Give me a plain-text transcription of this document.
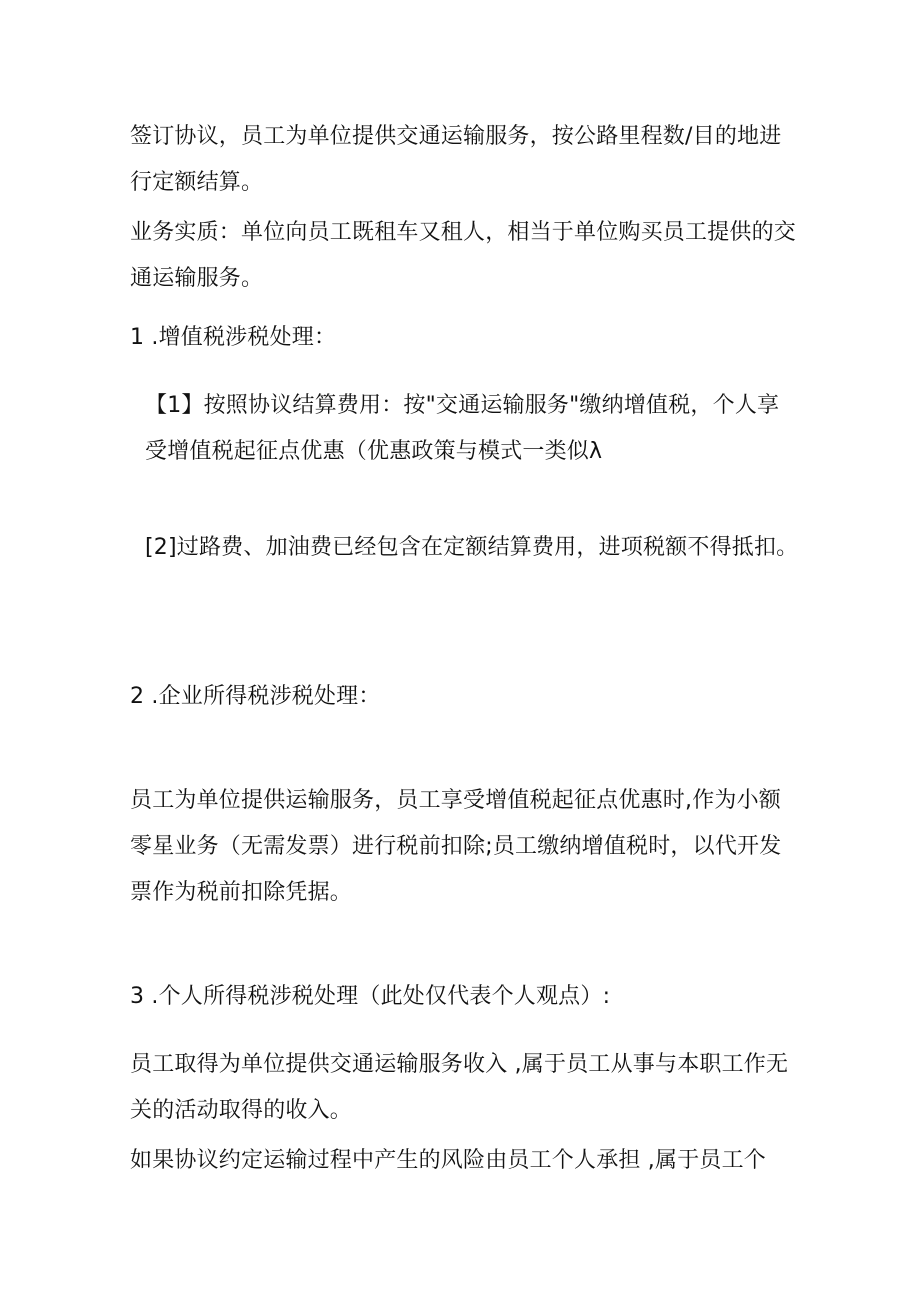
签订协议，员工为单位提供交通运输服务，按公路里程数/目的地进行定额结算。

业务实质：单位向员工既租车又租人，相当于单位购买员工提供的交通运输服务。

1 .增值税涉税处理：

【1】按照协议结算费用：按"交通运输服务"缴纳增值税，个人享受增值税起征点优惠（优惠政策与模式一类似λ

[2]过路费、加油费已经包含在定额结算费用，进项税额不得抵扣。

2 .企业所得税涉税处理：

员工为单位提供运输服务，员工享受增值税起征点优惠时,作为小额零星业务（无需发票）进行税前扣除;员工缴纳增值税时，以代开发票作为税前扣除凭据。

3 .个人所得税涉税处理（此处仅代表个人观点）:

员工取得为单位提供交通运输服务收入 ,属于员工从事与本职工作无关的活动取得的收入。

如果协议约定运输过程中产生的风险由员工个人承担 ,属于员工个
